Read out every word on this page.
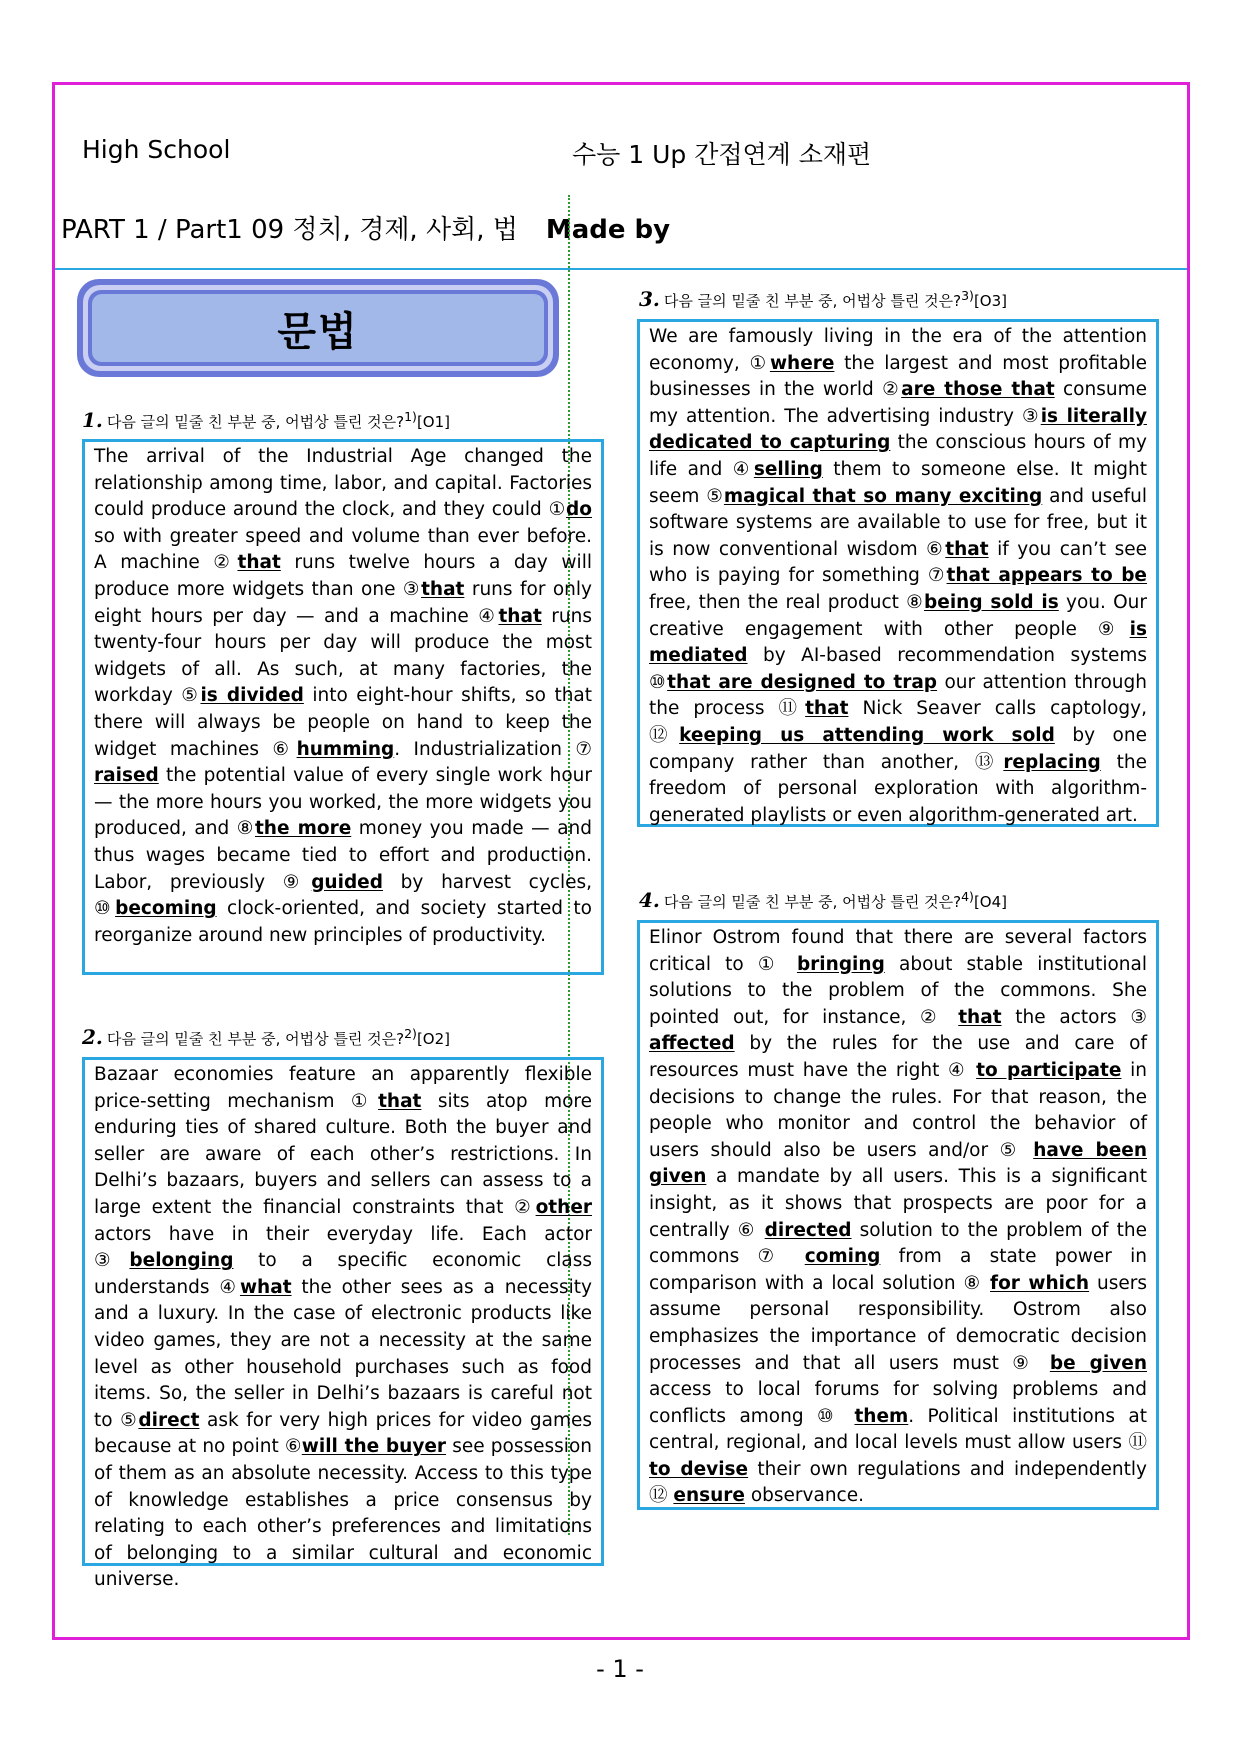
High School	수능 1 Up 간접연계 소재편
PART 1 / Part1 09 정치, 경제, 사회, 법 Made by
문법
1. 다음 글의 밑줄 친 부분 중, 어법상 틀린 것은?$^{1)}$[O1]
The arrival of the Industrial Age changed the relationship among time, labor, and capital. Factories could produce around the clock, and they could ①do so with greater speed and volume than ever before. A machine ②that runs twelve hours a day will produce more widgets than one ③that runs for only eight hours per day — and a machine ④that runs twenty-four hours per day will produce the most widgets of all. As such, at many factories, the workday ⑤is divided into eight-hour shifts, so that there will always be people on hand to keep the widget machines ⑥humming. Industrialization ⑦ raised the potential value of every single work hour — the more hours you worked, the more widgets you produced, and ⑧the more money you made — and thus wages became tied to effort and production. Labor, previously ⑨guided by harvest cycles, ⑩becoming clock-oriented, and society started to reorganize around new principles of productivity.
2. 다음 글의 밑줄 친 부분 중, 어법상 틀린 것은?$^{2)}$[O2]
Bazaar economies feature an apparently flexible price-setting mechanism ①that sits atop more enduring ties of shared culture. Both the buyer and seller are aware of each other’s restrictions. In Delhi’s bazaars, buyers and sellers can assess to a large extent the financial constraints that ②other actors have in their everyday life. Each actor ③belonging to a specific economic class understands ④what the other sees as a necessity and a luxury. In the case of electronic products like video games, they are not a necessity at the same level as other household purchases such as food items. So, the seller in Delhi’s bazaars is careful not to ⑤direct ask for very high prices for video games because at no point ⑥will the buyer see possession of them as an absolute necessity. Access to this type of knowledge establishes a price consensus by relating to each other’s preferences and limitations of belonging to a similar cultural and economic universe.
3. 다음 글의 밑줄 친 부분 중, 어법상 틀린 것은?$^{3)}$[O3]
We are famously living in the era of the attention economy, ①where the largest and most profitable businesses in the world ②are those that consume my attention. The advertising industry ③is literally dedicated to capturing the conscious hours of my life and ④selling them to someone else. It might seem ⑤magical that so many exciting and useful software systems are available to use for free, but it is now conventional wisdom ⑥that if you can’t see who is paying for something ⑦that appears to be free, then the real product ⑧being sold is you. Our creative engagement with other people ⑨is mediated by AI-based recommendation systems ⑩that are designed to trap our attention through the process ⑪that Nick Seaver calls captology, ⑫keeping us attending work sold by one company rather than another, ⑬replacing the freedom of personal exploration with algorithm-generated playlists or even algorithm-generated art.
4. 다음 글의 밑줄 친 부분 중, 어법상 틀린 것은?$^{4)}$[O4]
Elinor Ostrom found that there are several factors critical to ① bringing about stable institutional solutions to the problem of the commons. She pointed out, for instance, ② that the actors ③ affected by the rules for the use and care of resources must have the right ④ to participate in decisions to change the rules. For that reason, the people who monitor and control the behavior of users should also be users and/or ⑤ have been given a mandate by all users. This is a significant insight, as it shows that prospects are poor for a centrally ⑥ directed solution to the problem of the commons ⑦ coming from a state power in comparison with a local solution ⑧ for which users assume personal responsibility. Ostrom also emphasizes the importance of democratic decision processes and that all users must ⑨ be given access to local forums for solving problems and conflicts among ⑩ them. Political institutions at central, regional, and local levels must allow users ⑪ to devise their own regulations and independently ⑫ ensure observance.
- 1 -
